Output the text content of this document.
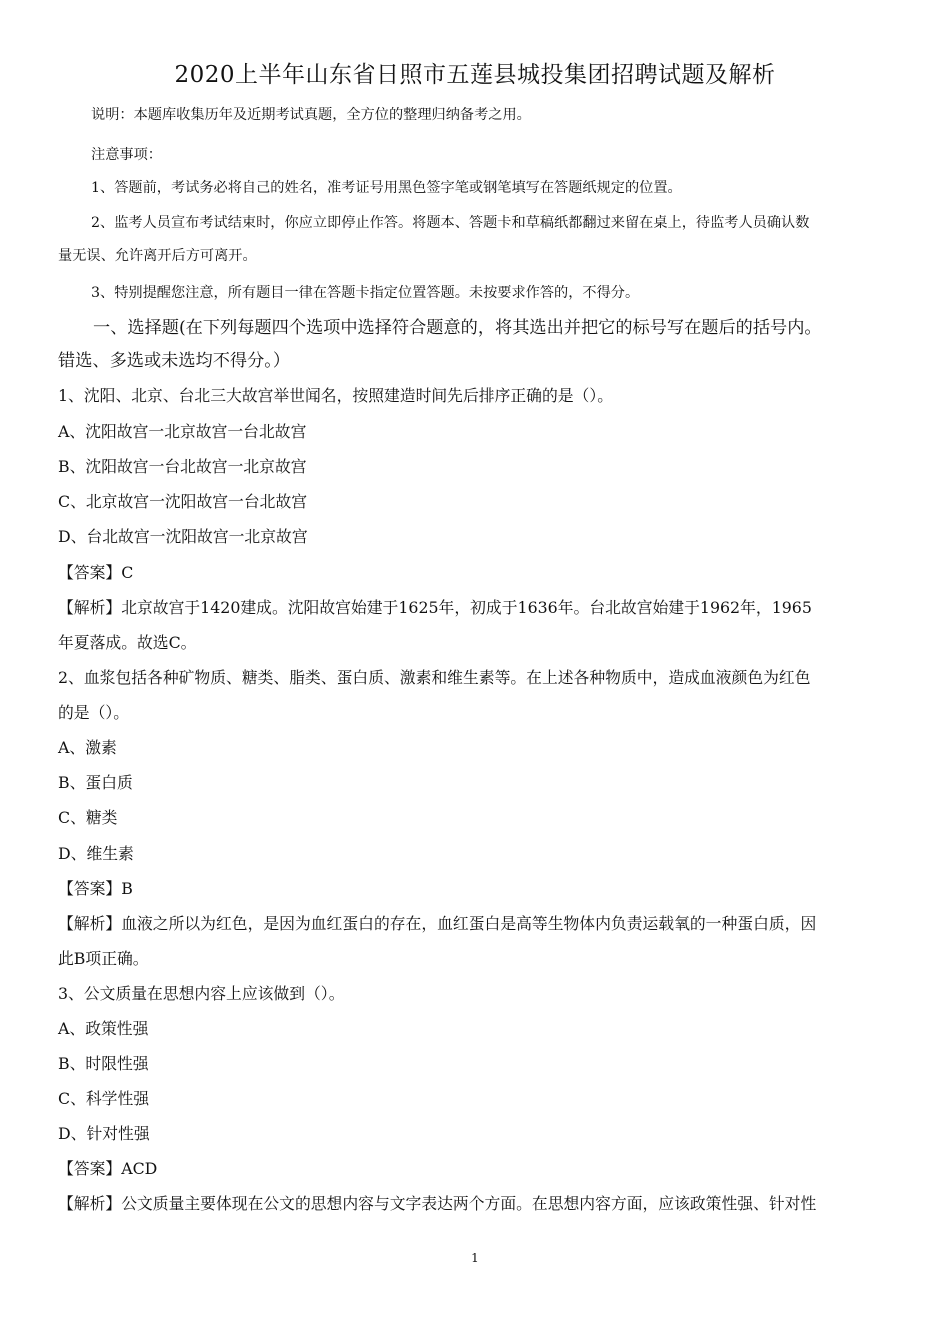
2020上半年山东省日照市五莲县城投集团招聘试题及解析
说明：本题库收集历年及近期考试真题，全方位的整理归纳备考之用。
注意事项：
1、答题前，考试务必将自己的姓名，准考证号用黑色签字笔或钢笔填写在答题纸规定的位置。
2、监考人员宣布考试结束时，你应立即停止作答。将题本、答题卡和草稿纸都翻过来留在桌上，待监考人员确认数
量无误、允许离开后方可离开。
3、特别提醒您注意，所有题目一律在答题卡指定位置答题。未按要求作答的，不得分。
一、选择题(在下列每题四个选项中选择符合题意的，将其选出并把它的标号写在题后的括号内。
错选、多选或未选均不得分。）
1、沈阳、北京、台北三大故宫举世闻名，按照建造时间先后排序正确的是（）。
A、沈阳故宫一北京故宫一台北故宫
B、沈阳故宫一台北故宫一北京故宫
C、北京故宫一沈阳故宫一台北故宫
D、台北故宫一沈阳故宫一北京故宫
【答案】C
【解析】北京故宫于1420建成。沈阳故宫始建于1625年，初成于1636年。台北故宫始建于1962年，1965
年夏落成。故选C。
2、血浆包括各种矿物质、糖类、脂类、蛋白质、激素和维生素等。在上述各种物质中，造成血液颜色为红色
的是（）。
A、激素
B、蛋白质
C、糖类
D、维生素
【答案】B
【解析】血液之所以为红色，是因为血红蛋白的存在，血红蛋白是高等生物体内负责运载氧的一种蛋白质，因
此B项正确。
3、公文质量在思想内容上应该做到（）。
A、政策性强
B、时限性强
C、科学性强
D、针对性强
【答案】ACD
【解析】公文质量主要体现在公文的思想内容与文字表达两个方面。在思想内容方面，应该政策性强、针对性
1
